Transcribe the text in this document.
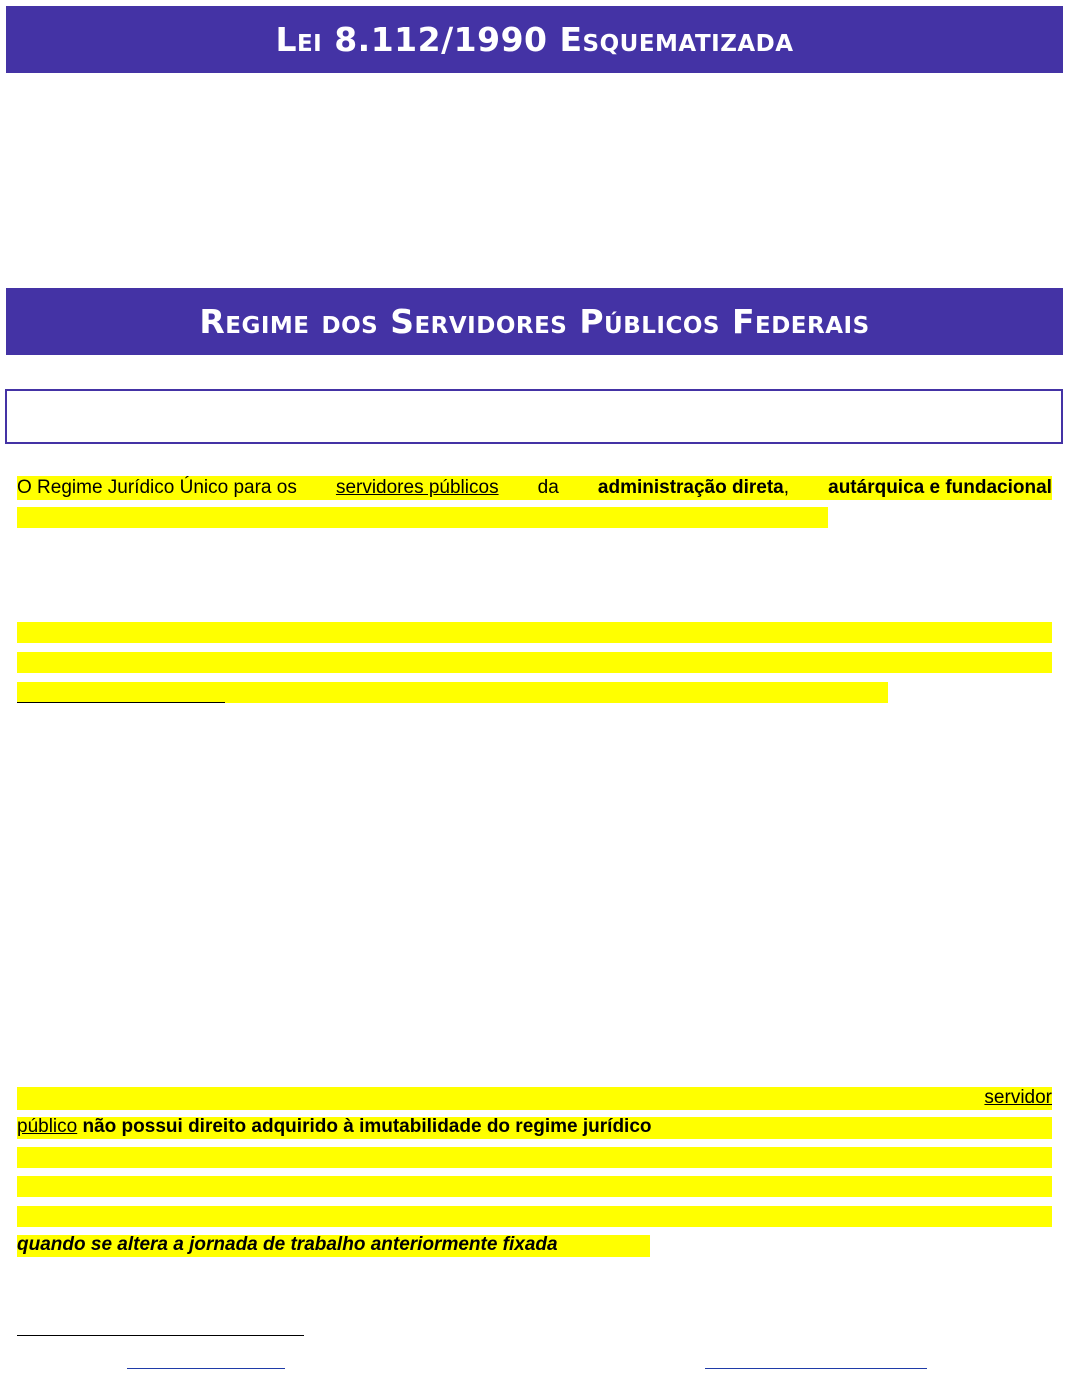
Lei 8.112/1990 Esquematizada
Regime dos Servidores Públicos Federais
O Regime Jurídico Único para os servidores públicos da administração direta, autárquica e fundacional
servidor
público não possui direito adquirido à imutabilidade do regime jurídico
quando se altera a jornada de trabalho anteriormente fixada
